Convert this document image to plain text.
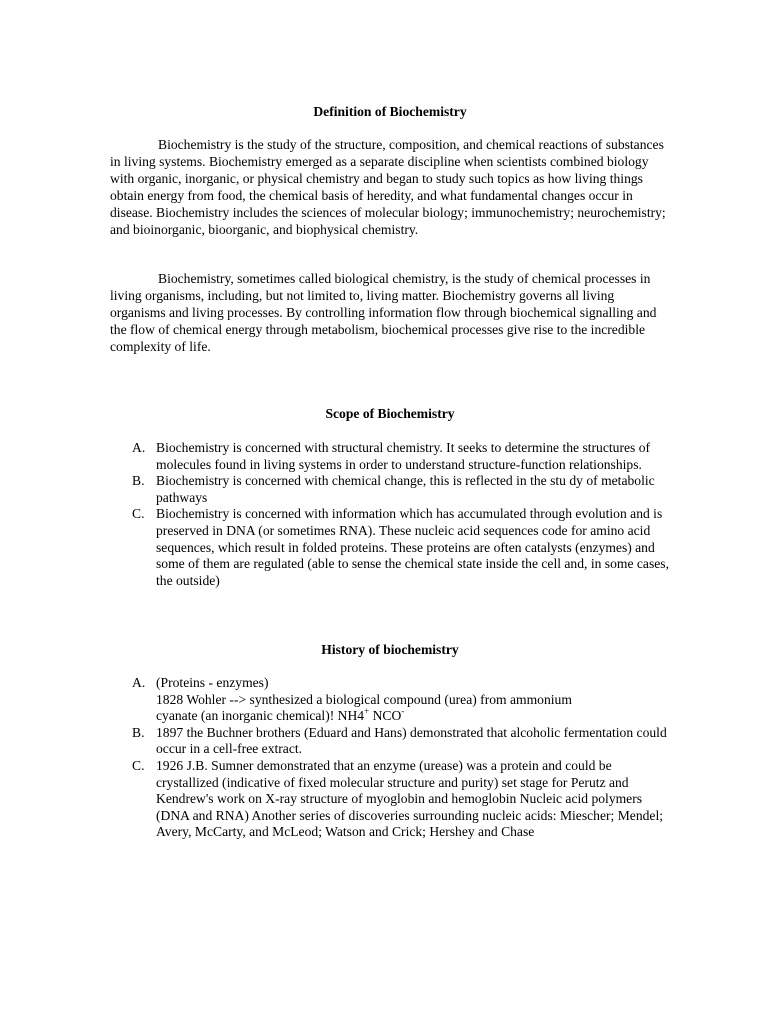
Definition of Biochemistry

Biochemistry is the study of the structure, composition, and chemical reactions of substances in living systems. Biochemistry emerged as a separate discipline when scientists combined biology with organic, inorganic, or physical chemistry and began to study such topics as how living things obtain energy from food, the chemical basis of heredity, and what fundamental changes occur in disease. Biochemistry includes the sciences of molecular biology; immunochemistry; neurochemistry; and bioinorganic, bioorganic, and biophysical chemistry.

Biochemistry, sometimes called biological chemistry, is the study of chemical processes in living organisms, including, but not limited to, living matter. Biochemistry governs all living organisms and living processes. By controlling information flow through biochemical signalling and the flow of chemical energy through metabolism, biochemical processes give rise to the incredible complexity of life.

Scope of Biochemistry
A. Biochemistry is concerned with structural chemistry. It seeks to determine the structures of molecules found in living systems in order to understand structure-function relationships.
B. Biochemistry is concerned with chemical change, this is reflected in the stu dy of metabolic pathways
C. Biochemistry is concerned with information which has accumulated through evolution and is preserved in DNA (or sometimes RNA). These nucleic acid sequences code for amino acid sequences, which result in folded proteins. These proteins are often catalysts (enzymes) and some of them are regulated (able to sense the chemical state inside the cell and, in some cases, the outside)
History of biochemistry
A. (Proteins - enzymes)
1828 Wohler --> synthesized a biological compound (urea) from ammonium
cyanate (an inorganic chemical)! NH4+ NCO-
B. 1897 the Buchner brothers (Eduard and Hans) demonstrated that alcoholic fermentation could occur in a cell-free extract.
C. 1926 J.B. Sumner demonstrated that an enzyme (urease) was a protein and could be crystallized (indicative of fixed molecular structure and purity) set stage for Perutz and Kendrew's work on X-ray structure of myoglobin and hemoglobin Nucleic acid polymers (DNA and RNA) Another series of discoveries surrounding nucleic acids: Miescher; Mendel; Avery, McCarty, and McLeod; Watson and Crick; Hershey and Chase
